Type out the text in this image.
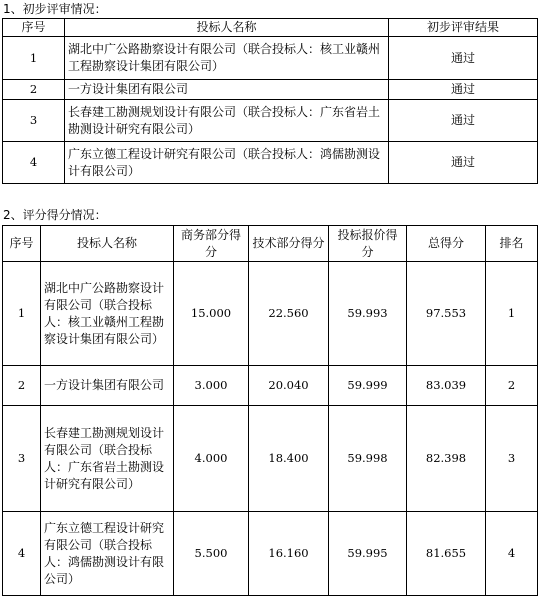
1、初步评审情况：
序号	投标人名称	初步评审结果
1	湖北中广公路勘察设计有限公司（联合投标人：核工业赣州工程勘察设计集团有限公司）	通过
2	一方设计集团有限公司	通过
3	长春建工勘测规划设计有限公司（联合投标人：广东省岩土勘测设计研究有限公司）	通过
4	广东立德工程设计研究有限公司（联合投标人：鸿儒勘测设计有限公司）	通过
2、评分得分情况：
序号	投标人名称	商务部分得分	技术部分得分	投标报价得分	总得分	排名
1	湖北中广公路勘察设计有限公司（联合投标人：核工业赣州工程勘察设计集团有限公司）	15.000	22.560	59.993	97.553	1
2	一方设计集团有限公司	3.000	20.040	59.999	83.039	2
3	长春建工勘测规划设计有限公司（联合投标人：广东省岩土勘测设计研究有限公司）	4.000	18.400	59.998	82.398	3
4	广东立德工程设计研究有限公司（联合投标人：鸿儒勘测设计有限公司）	5.500	16.160	59.995	81.655	4
